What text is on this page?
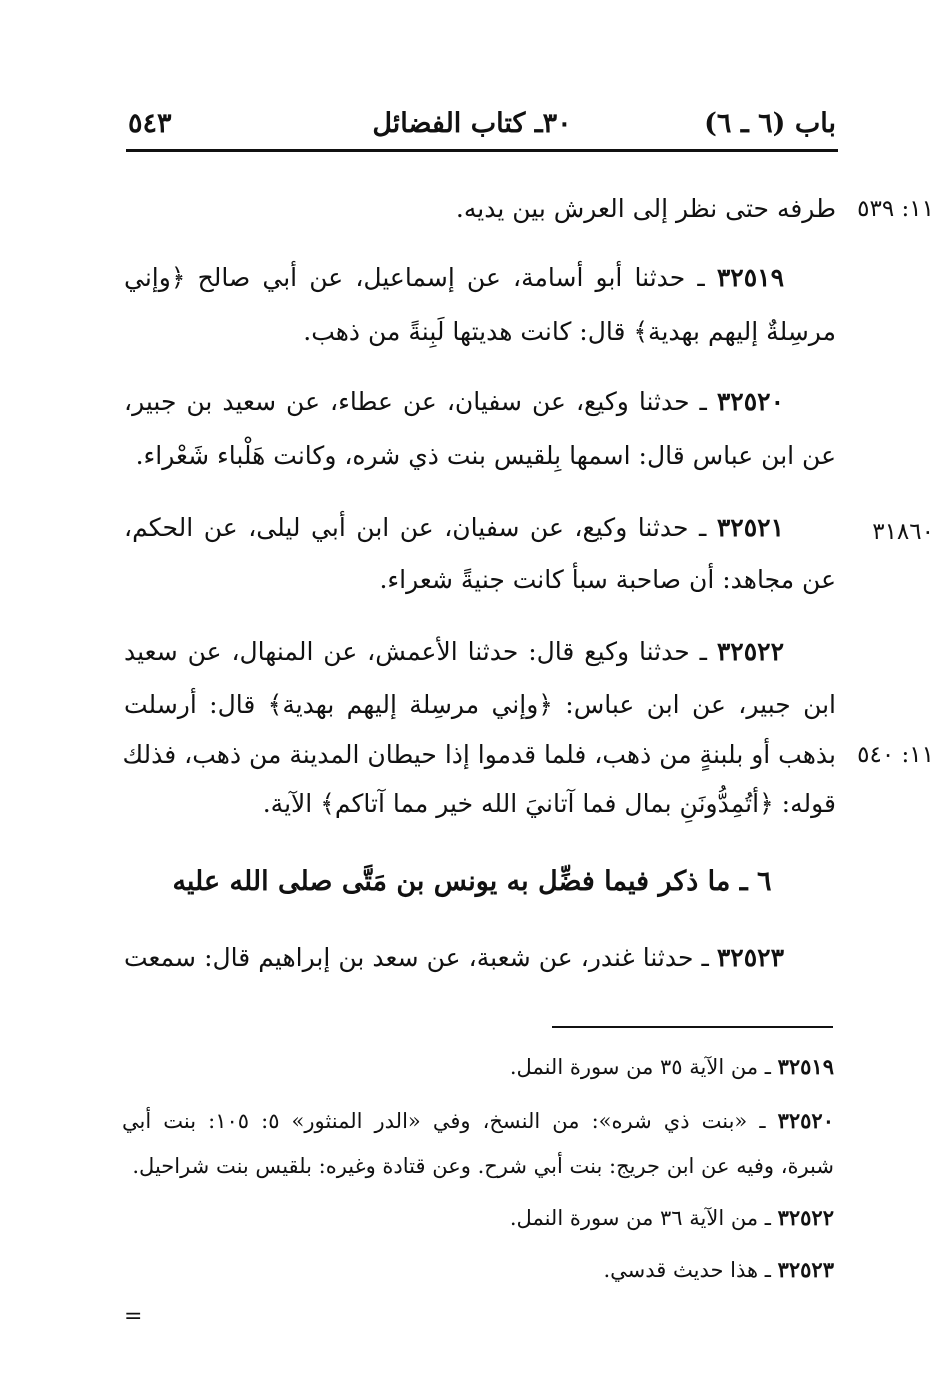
باب (٦ ـ ٦)
٣٠ـ كتاب الفضائل
٥٤٣
١١: ٥٣٩
٣١٨٦٠
١١: ٥٤٠
طرفه حتى نظر إلى العرش بين يديه.
٣٢٥١٩ ـ حدثنا أبو أسامة، عن إسماعيل، عن أبي صالح ﴿وإني
مرسِلةٌ إليهم بهدية﴾ قال: كانت هديتها لَبِنةً من ذهب.
٣٢٥٢٠ ـ حدثنا وكيع، عن سفيان، عن عطاء، عن سعيد بن جبير،
عن ابن عباس قال: اسمها بِلقيس بنت ذي شره، وكانت هَلْباء شَعْراء.
٣٢٥٢١ ـ حدثنا وكيع، عن سفيان، عن ابن أبي ليلى، عن الحكم،
عن مجاهد: أن صاحبة سبأ كانت جنيةً شعراء.
٣٢٥٢٢ ـ حدثنا وكيع قال: حدثنا الأعمش، عن المنهال، عن سعيد
ابن جبير، عن ابن عباس: ﴿وإني مرسِلة إليهم بهدية﴾ قال: أرسلت
بذهب أو بلبنةٍ من ذهب، فلما قدموا إذا حيطان المدينة من ذهب، فذلك
قوله: ﴿أتُمِدُّونَنِ بمال فما آتانيَ الله خير مما آتاكم﴾ الآية.
٦ ـ ما ذكر فيما فضِّل به يونس بن مَتَّى صلى الله عليه
٣٢٥٢٣ ـ حدثنا غندر، عن شعبة، عن سعد بن إبراهيم قال: سمعت
٣٢٥١٩ ـ من الآية ٣٥ من سورة النمل.
٣٢٥٢٠ ـ «بنت ذي شره»: من النسخ، وفي «الدر المنثور» ٥: ١٠٥: بنت أبي
شبرة، وفيه عن ابن جريج: بنت أبي شرح. وعن قتادة وغيره: بلقيس بنت شراحيل.
٣٢٥٢٢ ـ من الآية ٣٦ من سورة النمل.
٣٢٥٢٣ ـ هذا حديث قدسي.
=
